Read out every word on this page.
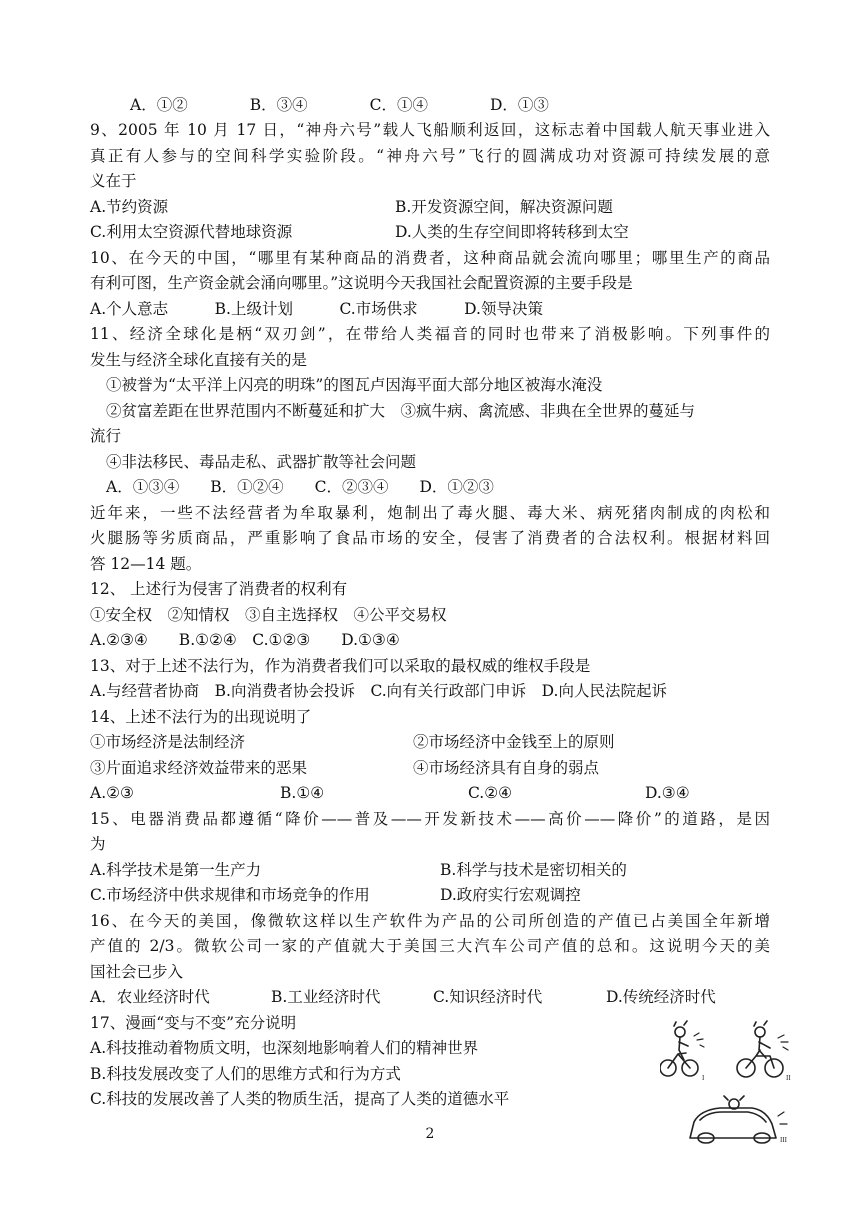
A．①②　　　　B．③④　　　　C．①④　　　　D．①③
9、2005 年 10 月 17 日，“神舟六号”载人飞船顺利返回，这标志着中国载人航天事业进入
真正有人参与的空间科学实验阶段。“神舟六号”飞行的圆满成功对资源可持续发展的意
义在于
A.节约资源	B.开发资源空间，解决资源问题
C.利用太空资源代替地球资源	D.人类的生存空间即将转移到太空
10、在今天的中国，“哪里有某种商品的消费者，这种商品就会流向哪里；哪里生产的商品
有利可图，生产资金就会涌向哪里。”这说明今天我国社会配置资源的主要手段是
A.个人意志　　　B.上级计划　　　C.市场供求　　　D.领导决策
11、经济全球化是柄“双刃剑”，在带给人类福音的同时也带来了消极影响。下列事件的
发生与经济全球化直接有关的是
①被誉为“太平洋上闪亮的明珠”的图瓦卢因海平面大部分地区被海水淹没
②贫富差距在世界范围内不断蔓延和扩大　③疯牛病、禽流感、非典在全世界的蔓延与
流行
④非法移民、毒品走私、武器扩散等社会问题
A．①③④　　B．①②④　　C．②③④　　D．①②③
近年来，一些不法经营者为牟取暴利，炮制出了毒火腿、毒大米、病死猪肉制成的肉松和
火腿肠等劣质商品，严重影响了食品市场的安全，侵害了消费者的合法权利。根据材料回
答 12—14 题。
12、 上述行为侵害了消费者的权利有
①安全权　②知情权　③自主选择权　④公平交易权
A.②③④　　B.①②④　C.①②③　　D.①③④
13、对于上述不法行为，作为消费者我们可以采取的最权威的维权手段是
A.与经营者协商　B.向消费者协会投诉　C.向有关行政部门申诉　D.向人民法院起诉
14、上述不法行为的出现说明了
①市场经济是法制经济	②市场经济中金钱至上的原则
③片面追求经济效益带来的恶果	④市场经济具有自身的弱点
A.②③	B.①④	C.②④	D.③④
15、电器消费品都遵循“降价——普及——开发新技术——高价——降价”的道路，是因
为
A.科学技术是第一生产力	B.科学与技术是密切相关的
C.市场经济中供求规律和市场竞争的作用	D.政府实行宏观调控
16、在今天的美国，像微软这样以生产软件为产品的公司所创造的产值已占美国全年新增
产值的 2/3。微软公司一家的产值就大于美国三大汽车公司产值的总和。这说明今天的美
国社会已步入
A．农业经济时代	B.工业经济时代	C.知识经济时代	D.传统经济时代
17、漫画“变与不变”充分说明
A.科技推动着物质文明，也深刻地影响着人们的精神世界
B.科技发展改变了人们的思维方式和行为方式
C.科技的发展改善了人类的物质生活，提高了人类的道德水平
I	II
III
2
